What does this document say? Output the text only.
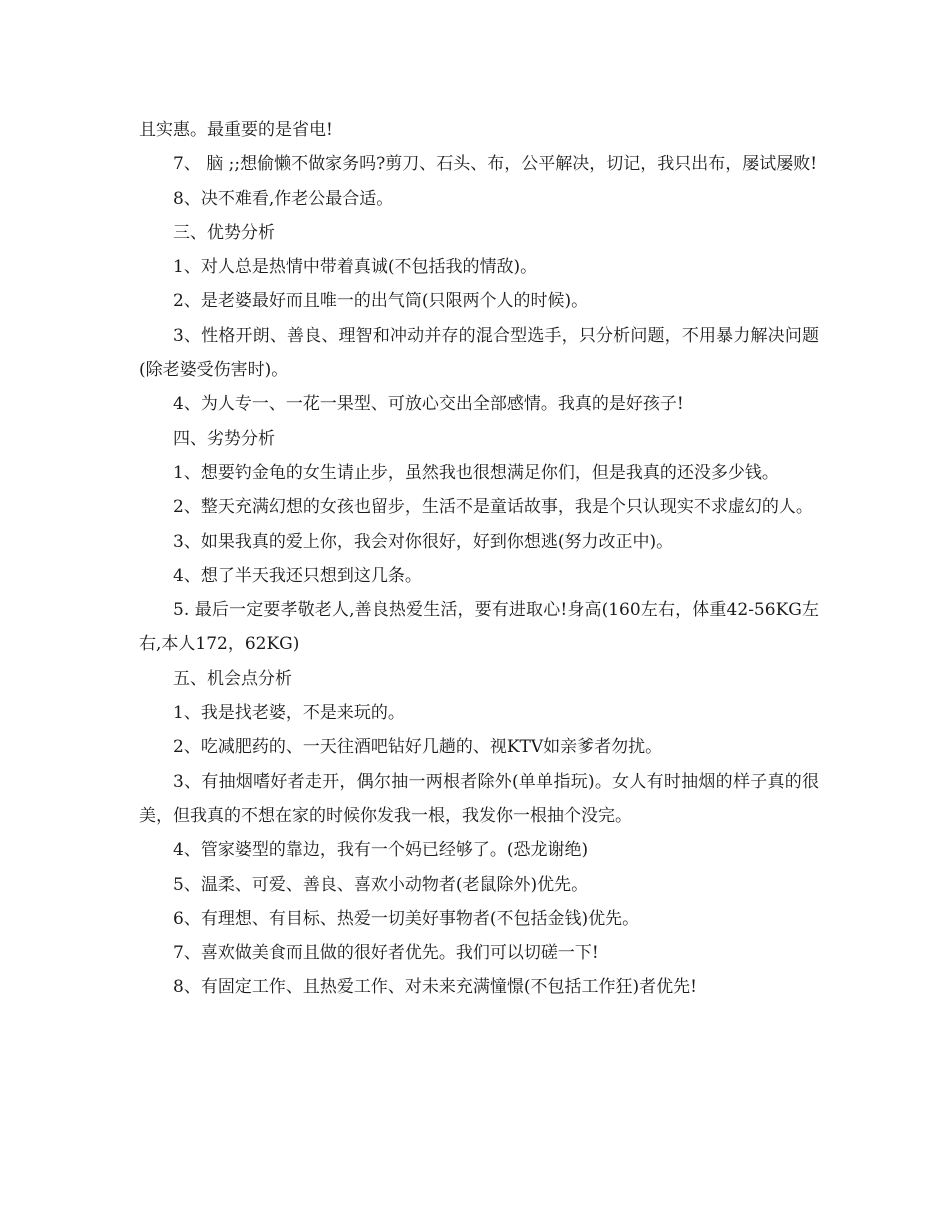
且实惠。最重要的是省电!

7、 脑 ;;想偷懒不做家务吗?剪刀、石头、布，公平解决，切记，我只出布，屡试屡败!

8、决不难看,作老公最合适。

三、优势分析

1、对人总是热情中带着真诚(不包括我的情敌)。

2、是老婆最好而且唯一的出气筒(只限两个人的时候)。

3、性格开朗、善良、理智和冲动并存的混合型选手，只分析问题，不用暴力解决问题(除老婆受伤害时)。

4、为人专一、一花一果型、可放心交出全部感情。我真的是好孩子!

四、劣势分析

1、想要钓金龟的女生请止步，虽然我也很想满足你们，但是我真的还没多少钱。

2、整天充满幻想的女孩也留步，生活不是童话故事，我是个只认现实不求虚幻的人。

3、如果我真的爱上你，我会对你很好，好到你想逃(努力改正中)。

4、想了半天我还只想到这几条。

5. 最后一定要孝敬老人,善良热爱生活，要有进取心!身高(160左右，体重42-56KG左右,本人172，62KG)

五、机会点分析

1、我是找老婆，不是来玩的。

2、吃减肥药的、一天往酒吧钻好几趟的、视KTV如亲爹者勿扰。

3、有抽烟嗜好者走开，偶尔抽一两根者除外(单单指玩)。女人有时抽烟的样子真的很美，但我真的不想在家的时候你发我一根，我发你一根抽个没完。

4、管家婆型的靠边，我有一个妈已经够了。(恐龙谢绝)

5、温柔、可爱、善良、喜欢小动物者(老鼠除外)优先。

6、有理想、有目标、热爱一切美好事物者(不包括金钱)优先。

7、喜欢做美食而且做的很好者优先。我们可以切磋一下!

8、有固定工作、且热爱工作、对未来充满憧憬(不包括工作狂)者优先!
